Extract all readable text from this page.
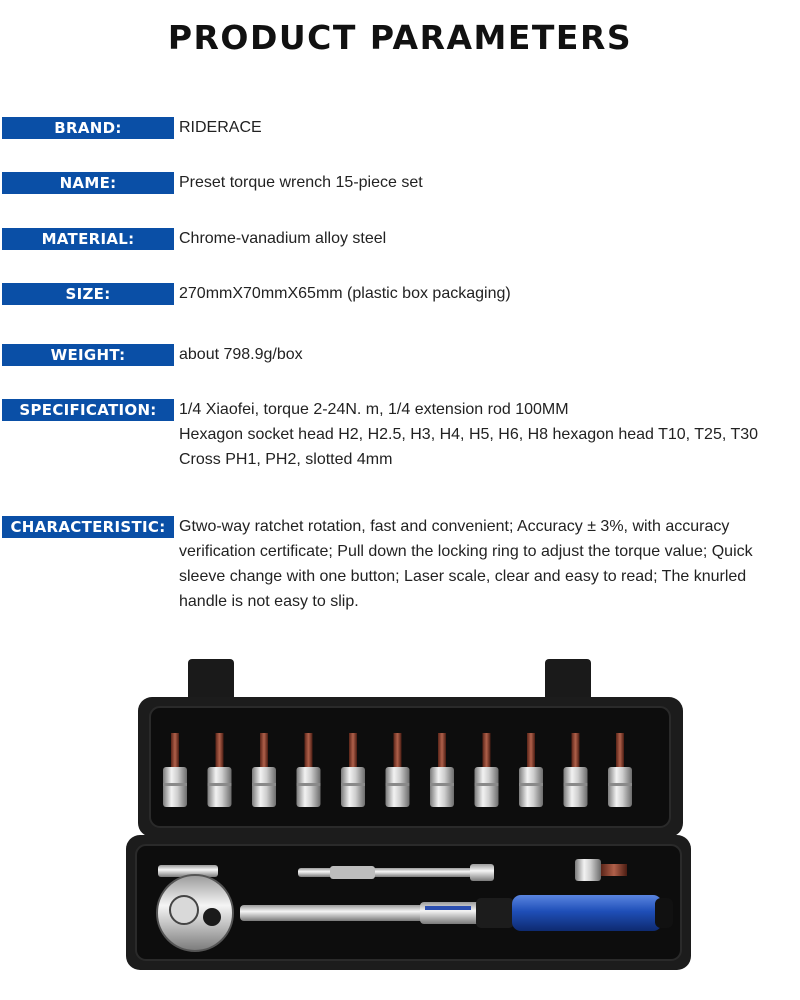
PRODUCT PARAMETERS
BRAND:	RIDERACE
NAME:	Preset torque wrench 15-piece set
MATERIAL:	Chrome-vanadium alloy steel
SIZE:	270mmX70mmX65mm (plastic box packaging)
WEIGHT:	about 798.9g/box
SPECIFICATION:	1/4 Xiaofei, torque 2-24N. m, 1/4 extension rod 100MM
Hexagon socket head H2, H2.5, H3, H4, H5, H6, H8 hexagon head T10, T25, T30
Cross PH1, PH2, slotted 4mm
CHARACTERISTIC: Gtwo-way ratchet rotation, fast and convenient; Accuracy ± 3%, with accuracy verification certificate; Pull down the locking ring to adjust the torque value; Quick sleeve change with one button; Laser scale, clear and easy to read; The knurled handle is not easy to slip.
